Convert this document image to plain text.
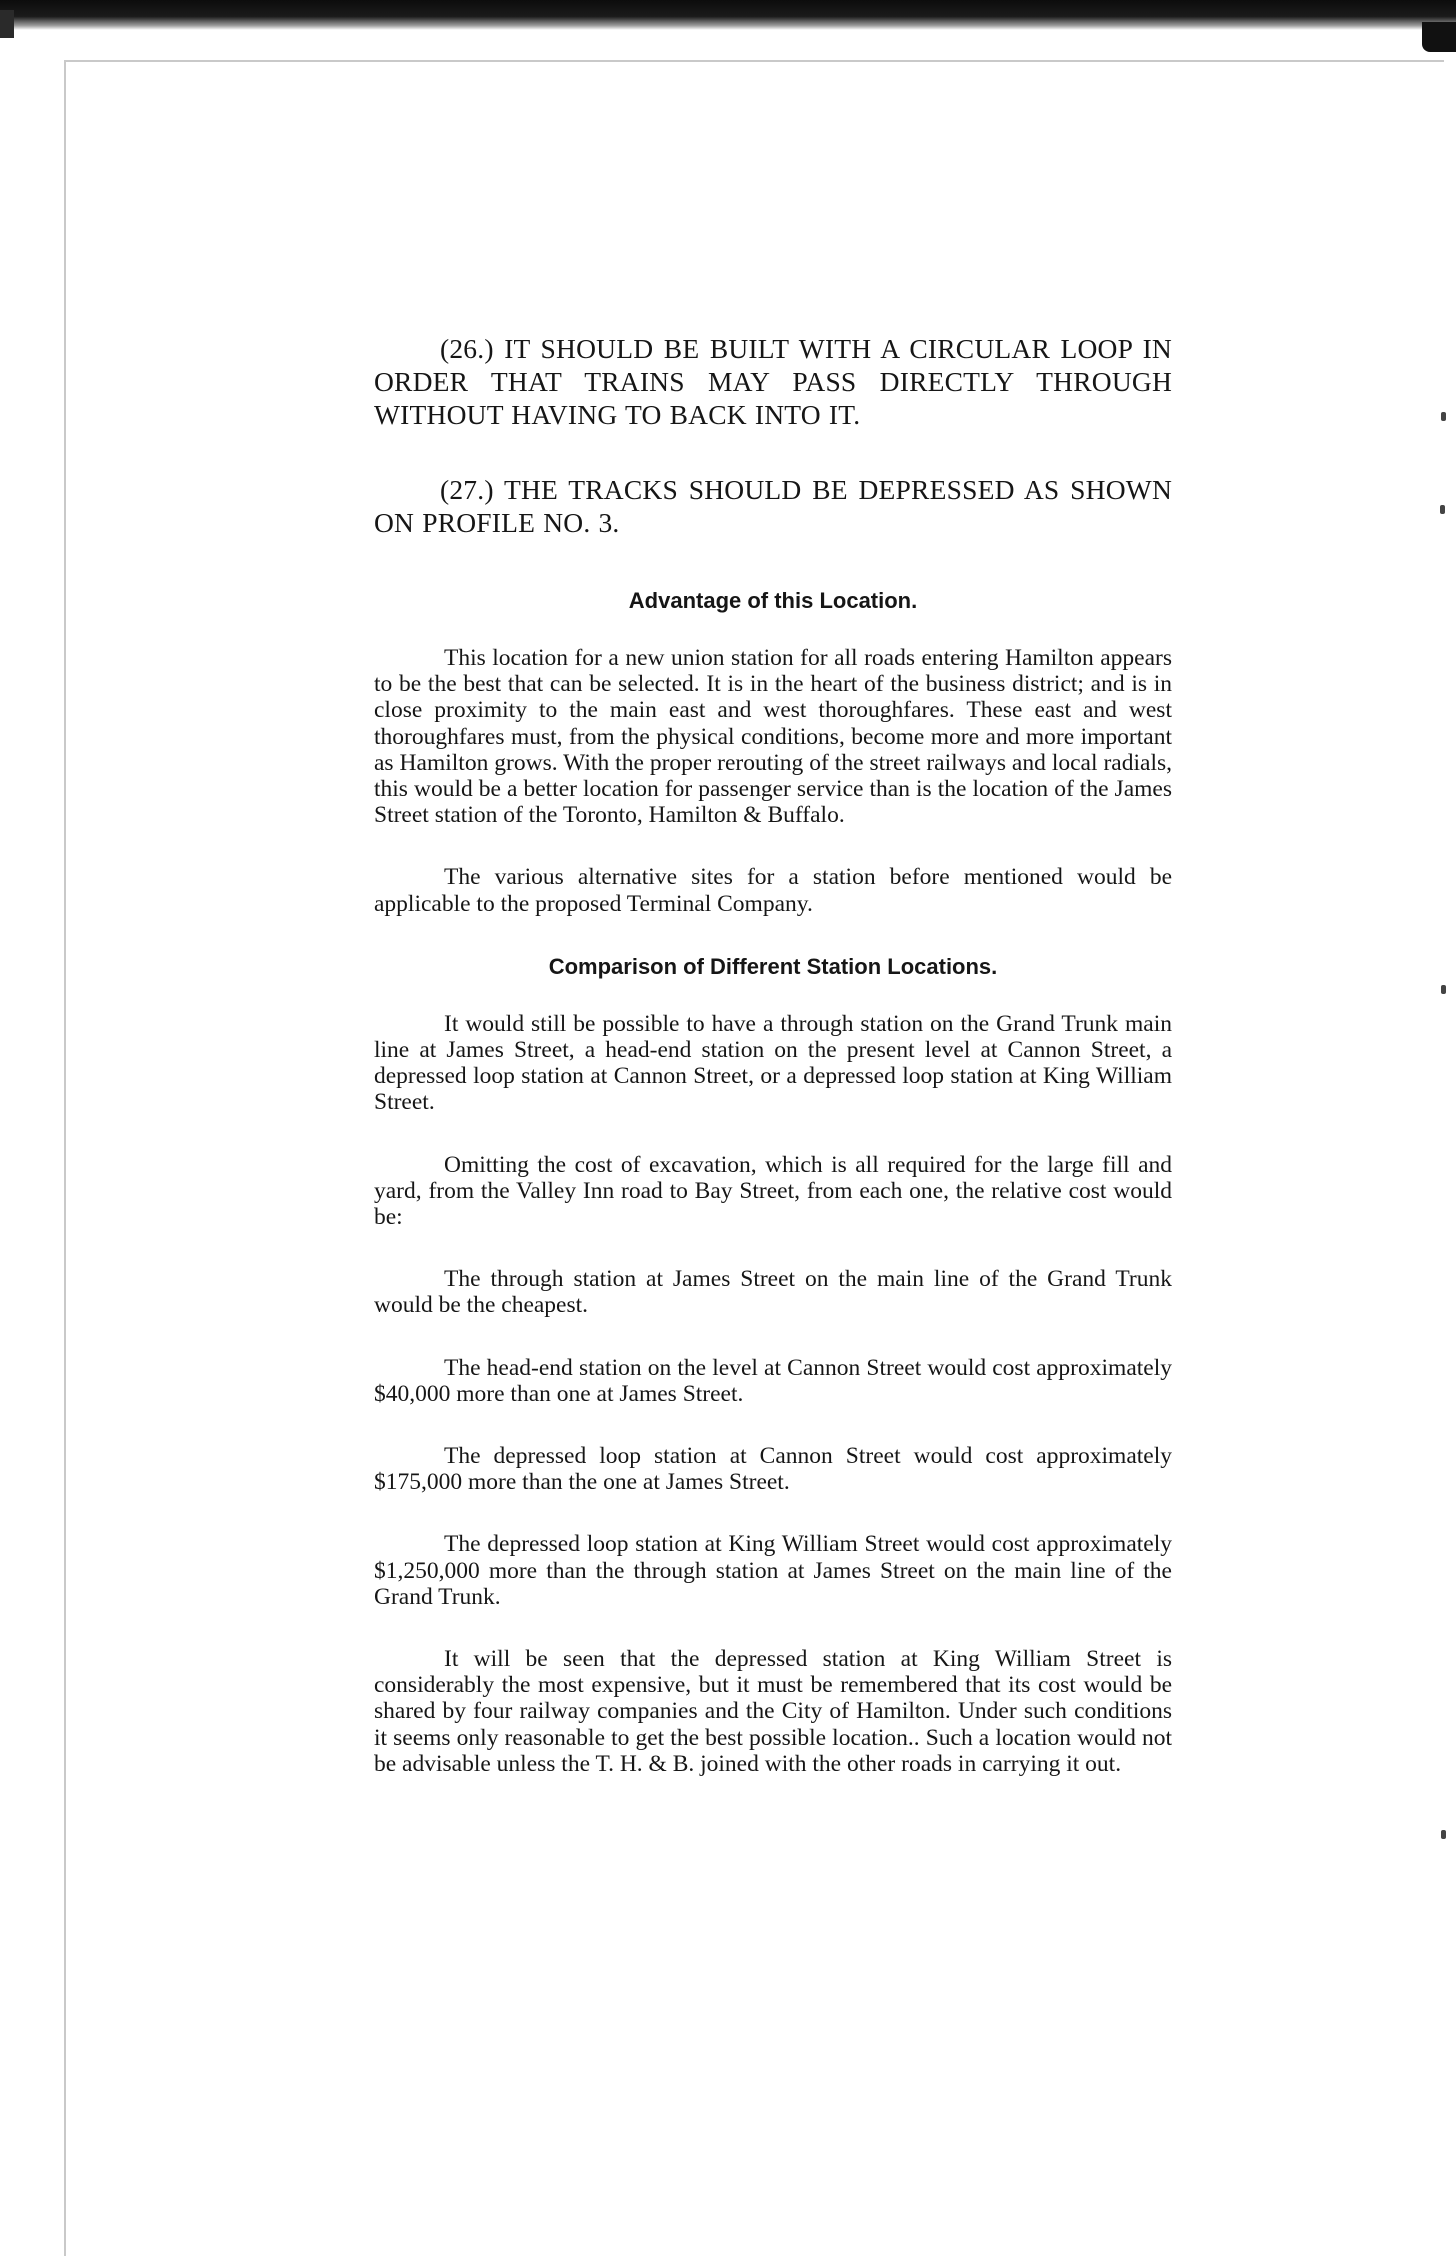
(26.) IT SHOULD BE BUILT WITH A CIRCULAR LOOP IN ORDER THAT TRAINS MAY PASS DIRECTLY THROUGH WITHOUT HAVING TO BACK INTO IT.

(27.) THE TRACKS SHOULD BE DEPRESSED AS SHOWN ON PROFILE NO. 3.

Advantage of this Location.

This location for a new union station for all roads entering Hamilton appears to be the best that can be selected. It is in the heart of the business district; and is in close proximity to the main east and west thoroughfares. These east and west thoroughfares must, from the physical conditions, become more and more important as Hamilton grows. With the proper rerouting of the street railways and local radials, this would be a better location for passenger service than is the location of the James Street station of the Toronto, Hamilton & Buffalo.

The various alternative sites for a station before mentioned would be applicable to the proposed Terminal Company.

Comparison of Different Station Locations.

It would still be possible to have a through station on the Grand Trunk main line at James Street, a head-end station on the present level at Cannon Street, a depressed loop station at Cannon Street, or a depressed loop station at King William Street.

Omitting the cost of excavation, which is all required for the large fill and yard, from the Valley Inn road to Bay Street, from each one, the relative cost would be:

The through station at James Street on the main line of the Grand Trunk would be the cheapest.

The head-end station on the level at Cannon Street would cost approximately $40,000 more than one at James Street.

The depressed loop station at Cannon Street would cost approximately $175,000 more than the one at James Street.

The depressed loop station at King William Street would cost approximately $1,250,000 more than the through station at James Street on the main line of the Grand Trunk.

It will be seen that the depressed station at King William Street is considerably the most expensive, but it must be remembered that its cost would be shared by four railway companies and the City of Hamilton. Under such conditions it seems only reasonable to get the best possible location.. Such a location would not be advisable unless the T. H. & B. joined with the other roads in carrying it out.
